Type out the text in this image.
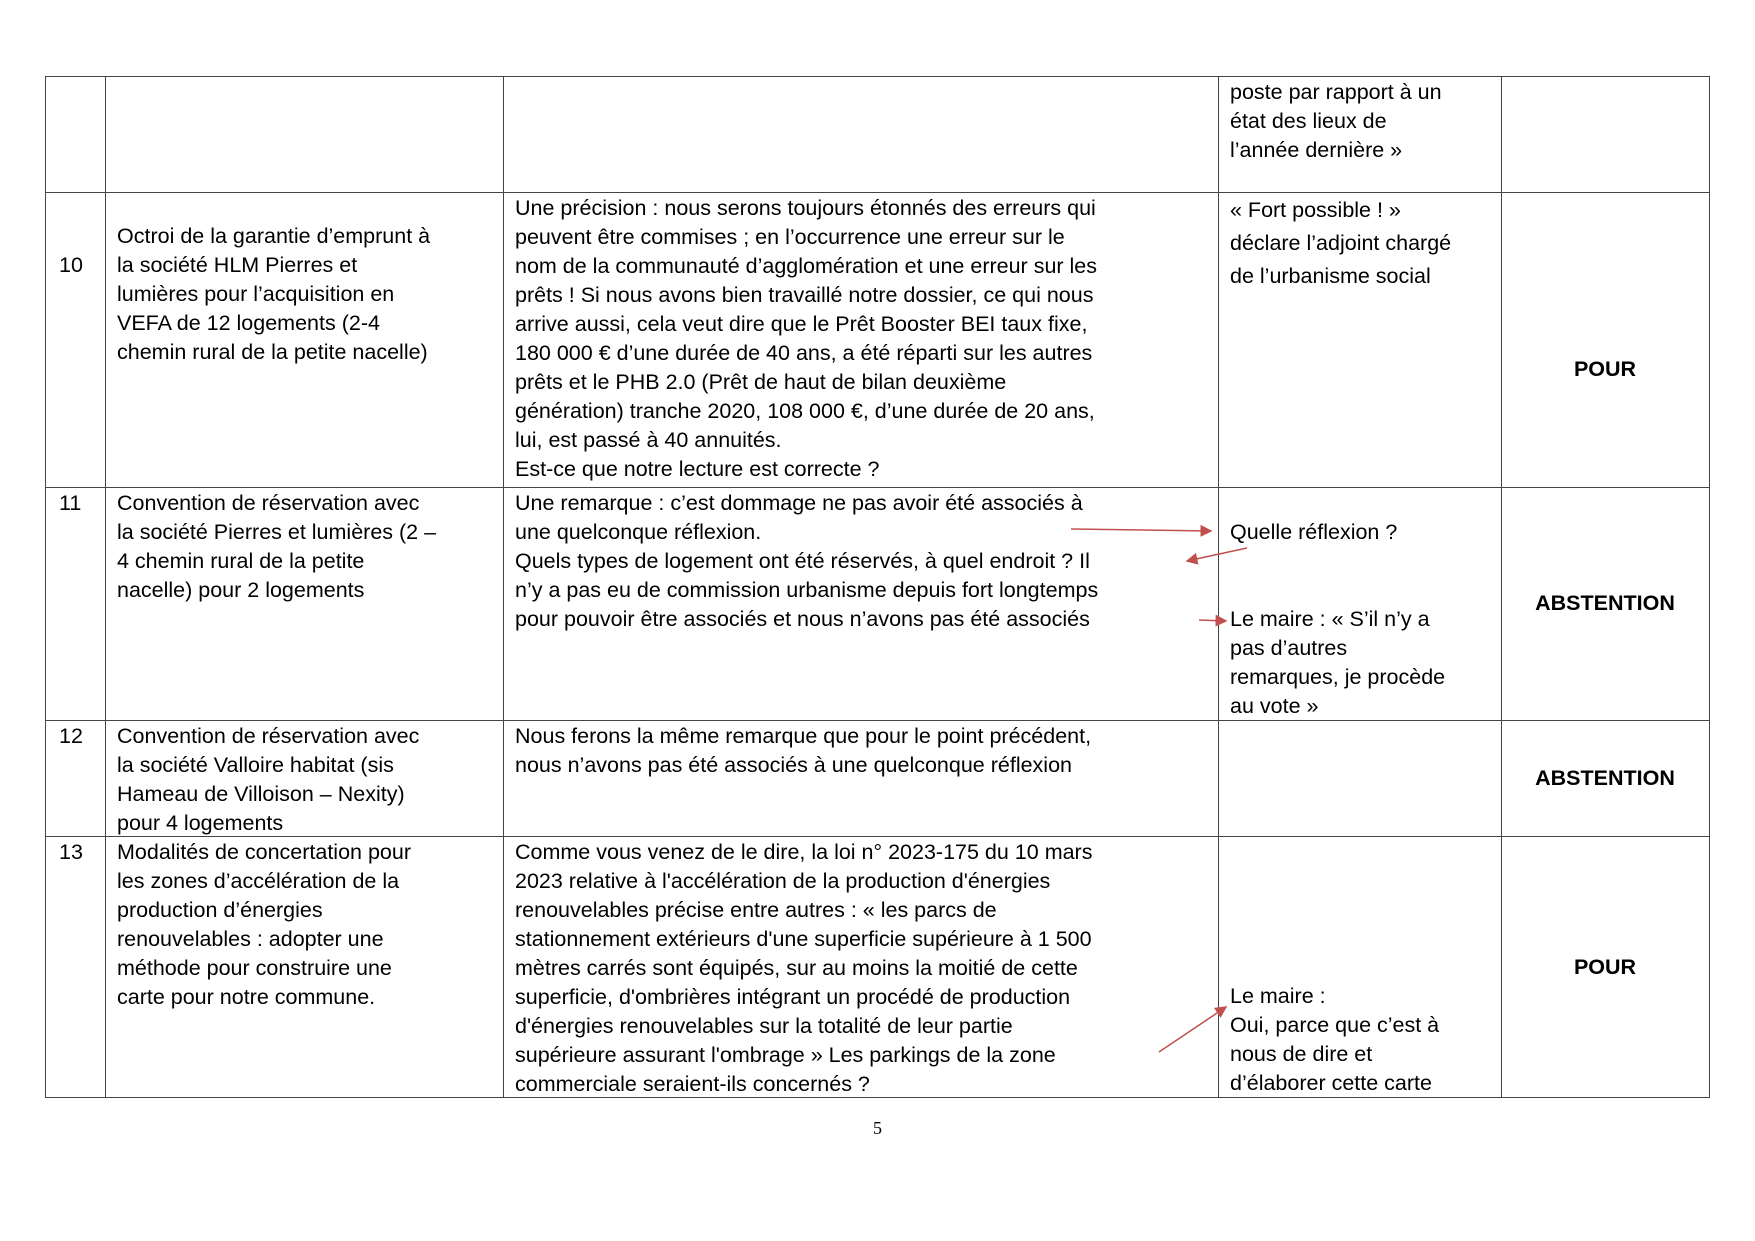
poste par rapport à un
état des lieux de
l’année dernière »
10
Octroi de la garantie d’emprunt à
la société HLM Pierres et
lumières pour l’acquisition en
VEFA de 12 logements (2-4
chemin rural de la petite nacelle)
Une précision : nous serons toujours étonnés des erreurs qui
peuvent être commises ; en l’occurrence une erreur sur le
nom de la communauté d’agglomération et une erreur sur les
prêts ! Si nous avons bien travaillé notre dossier, ce qui nous
arrive aussi, cela veut dire que le Prêt Booster BEI taux fixe,
180 000 € d’une durée de 40 ans, a été réparti sur les autres
prêts et le PHB 2.0 (Prêt de haut de bilan deuxième
génération) tranche 2020, 108 000 €, d’une durée de 20 ans,
lui, est passé à 40 annuités.
Est-ce que notre lecture est correcte ?
« Fort possible ! »
déclare l’adjoint chargé
de l’urbanisme social
POUR
11 Convention de réservation avec
la société Pierres et lumières (2 –
4 chemin rural de la petite
nacelle) pour 2 logements
Une remarque : c’est dommage ne pas avoir été associés à
une quelconque réflexion.
Quels types de logement ont été réservés, à quel endroit ? Il
n’y a pas eu de commission urbanisme depuis fort longtemps
pour pouvoir être associés et nous n’avons pas été associés
Quelle réflexion ?
Le maire : « S’il n’y a
pas d’autres
remarques, je procède
au vote »
ABSTENTION
12 Convention de réservation avec
la société Valloire habitat (sis
Hameau de Villoison – Nexity)
pour 4 logements
Nous ferons la même remarque que pour le point précédent,
nous n’avons pas été associés à une quelconque réflexion
ABSTENTION
13 Modalités de concertation pour
les zones d’accélération de la
production d’énergies
renouvelables : adopter une
méthode pour construire une
carte pour notre commune.
Comme vous venez de le dire, la loi n° 2023-175 du 10 mars
2023 relative à l'accélération de la production d'énergies
renouvelables précise entre autres : « les parcs de
stationnement extérieurs d'une superficie supérieure à 1 500
mètres carrés sont équipés, sur au moins la moitié de cette
superficie, d'ombrières intégrant un procédé de production
d'énergies renouvelables sur la totalité de leur partie
supérieure assurant l'ombrage » Les parkings de la zone
commerciale seraient-ils concernés ?
Le maire :
Oui, parce que c’est à
nous de dire et
d’élaborer cette carte
POUR
5
